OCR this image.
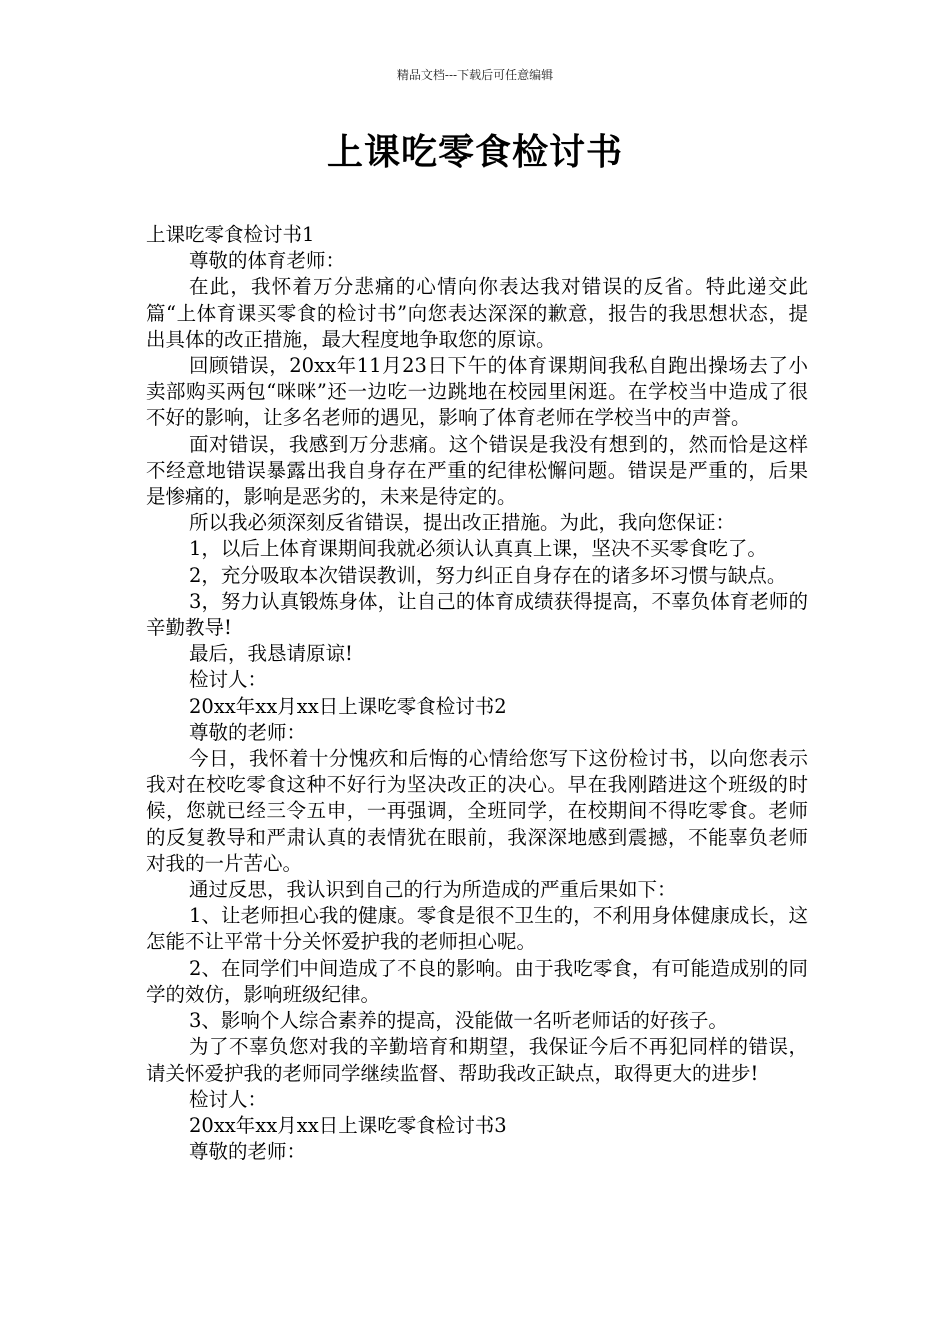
精品文档---下载后可任意编辑
上课吃零食检讨书

上课吃零食检讨书1

尊敬的体育老师：

在此，我怀着万分悲痛的心情向你表达我对错误的反省。特此递交此篇“上体育课买零食的检讨书”向您表达深深的歉意，报告的我思想状态，提出具体的改正措施，最大程度地争取您的原谅。

回顾错误，20xx年11月23日下午的体育课期间我私自跑出操场去了小卖部购买两包“咪咪”还一边吃一边跳地在校园里闲逛。在学校当中造成了很不好的影响，让多名老师的遇见，影响了体育老师在学校当中的声誉。

面对错误，我感到万分悲痛。这个错误是我没有想到的，然而恰是这样不经意地错误暴露出我自身存在严重的纪律松懈问题。错误是严重的，后果是惨痛的，影响是恶劣的，未来是待定的。

所以我必须深刻反省错误，提出改正措施。为此，我向您保证：

1，以后上体育课期间我就必须认认真真上课，坚决不买零食吃了。

2，充分吸取本次错误教训，努力纠正自身存在的诸多坏习惯与缺点。

3，努力认真锻炼身体，让自己的体育成绩获得提高，不辜负体育老师的辛勤教导!

最后，我恳请原谅!

检讨人：

20xx年xx月xx日上课吃零食检讨书2

尊敬的老师：

今日，我怀着十分愧疚和后悔的心情给您写下这份检讨书，以向您表示我对在校吃零食这种不好行为坚决改正的决心。早在我刚踏进这个班级的时候，您就已经三令五申，一再强调，全班同学，在校期间不得吃零食。老师的反复教导和严肃认真的表情犹在眼前，我深深地感到震撼，不能辜负老师对我的一片苦心。

通过反思，我认识到自己的行为所造成的严重后果如下：

1、让老师担心我的健康。零食是很不卫生的，不利用身体健康成长，这怎能不让平常十分关怀爱护我的老师担心呢。

2、在同学们中间造成了不良的影响。由于我吃零食，有可能造成别的同学的效仿，影响班级纪律。

3、影响个人综合素养的提高，没能做一名听老师话的好孩子。

为了不辜负您对我的辛勤培育和期望，我保证今后不再犯同样的错误，请关怀爱护我的老师同学继续监督、帮助我改正缺点，取得更大的进步!

检讨人：

20xx年xx月xx日上课吃零食检讨书3

尊敬的老师：
